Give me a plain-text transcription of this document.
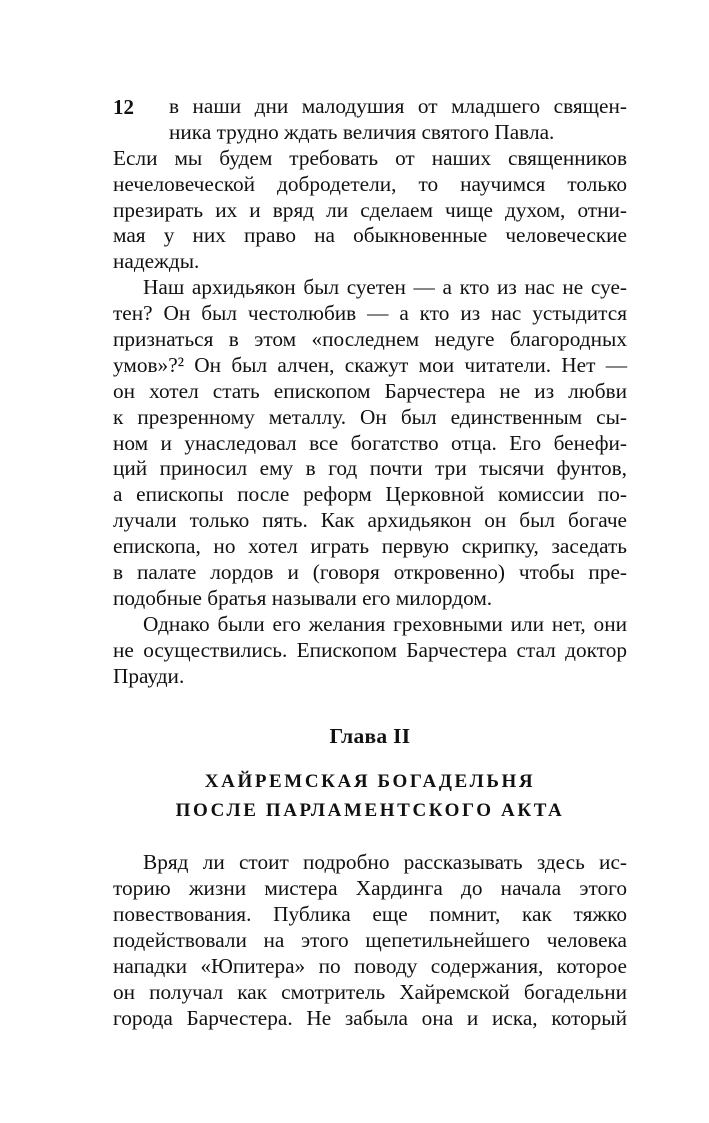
12	в наши дни малодушия от младшего священ-
ника трудно ждать величия святого Павла.
Если мы будем требовать от наших священников
нечеловеческой добродетели, то научимся только
презирать их и вряд ли сделаем чище духом, отни-
мая у них право на обыкновенные человеческие
надежды.
Наш архидьякон был суетен — а кто из нас не суе-
тен? Он был честолюбив — а кто из нас устыдится
признаться в этом «последнем недуге благородных
умов»?² Он был алчен, скажут мои читатели. Нет —
он хотел стать епископом Барчестера не из любви
к презренному металлу. Он был единственным сы-
ном и унаследовал все богатство отца. Его бенефи-
ций приносил ему в год почти три тысячи фунтов,
а епископы после реформ Церковной комиссии по-
лучали только пять. Как архидьякон он был богаче
епископа, но хотел играть первую скрипку, заседать
в палате лордов и (говоря откровенно) чтобы пре-
подобные братья называли его милордом.
Однако были его желания греховными или нет, они
не осуществились. Епископом Барчестера стал доктор
Прауди.
Глава II
ХАЙРЕМСКАЯ БОГАДЕЛЬНЯ
ПОСЛЕ ПАРЛАМЕНТСКОГО АКТА
Вряд ли стоит подробно рассказывать здесь ис-
торию жизни мистера Хардинга до начала этого
повествования. Публика еще помнит, как тяжко
подействовали на этого щепетильнейшего человека
нападки «Юпитера» по поводу содержания, которое
он получал как смотритель Хайремской богадельни
города Барчестера. Не забыла она и иска, который
